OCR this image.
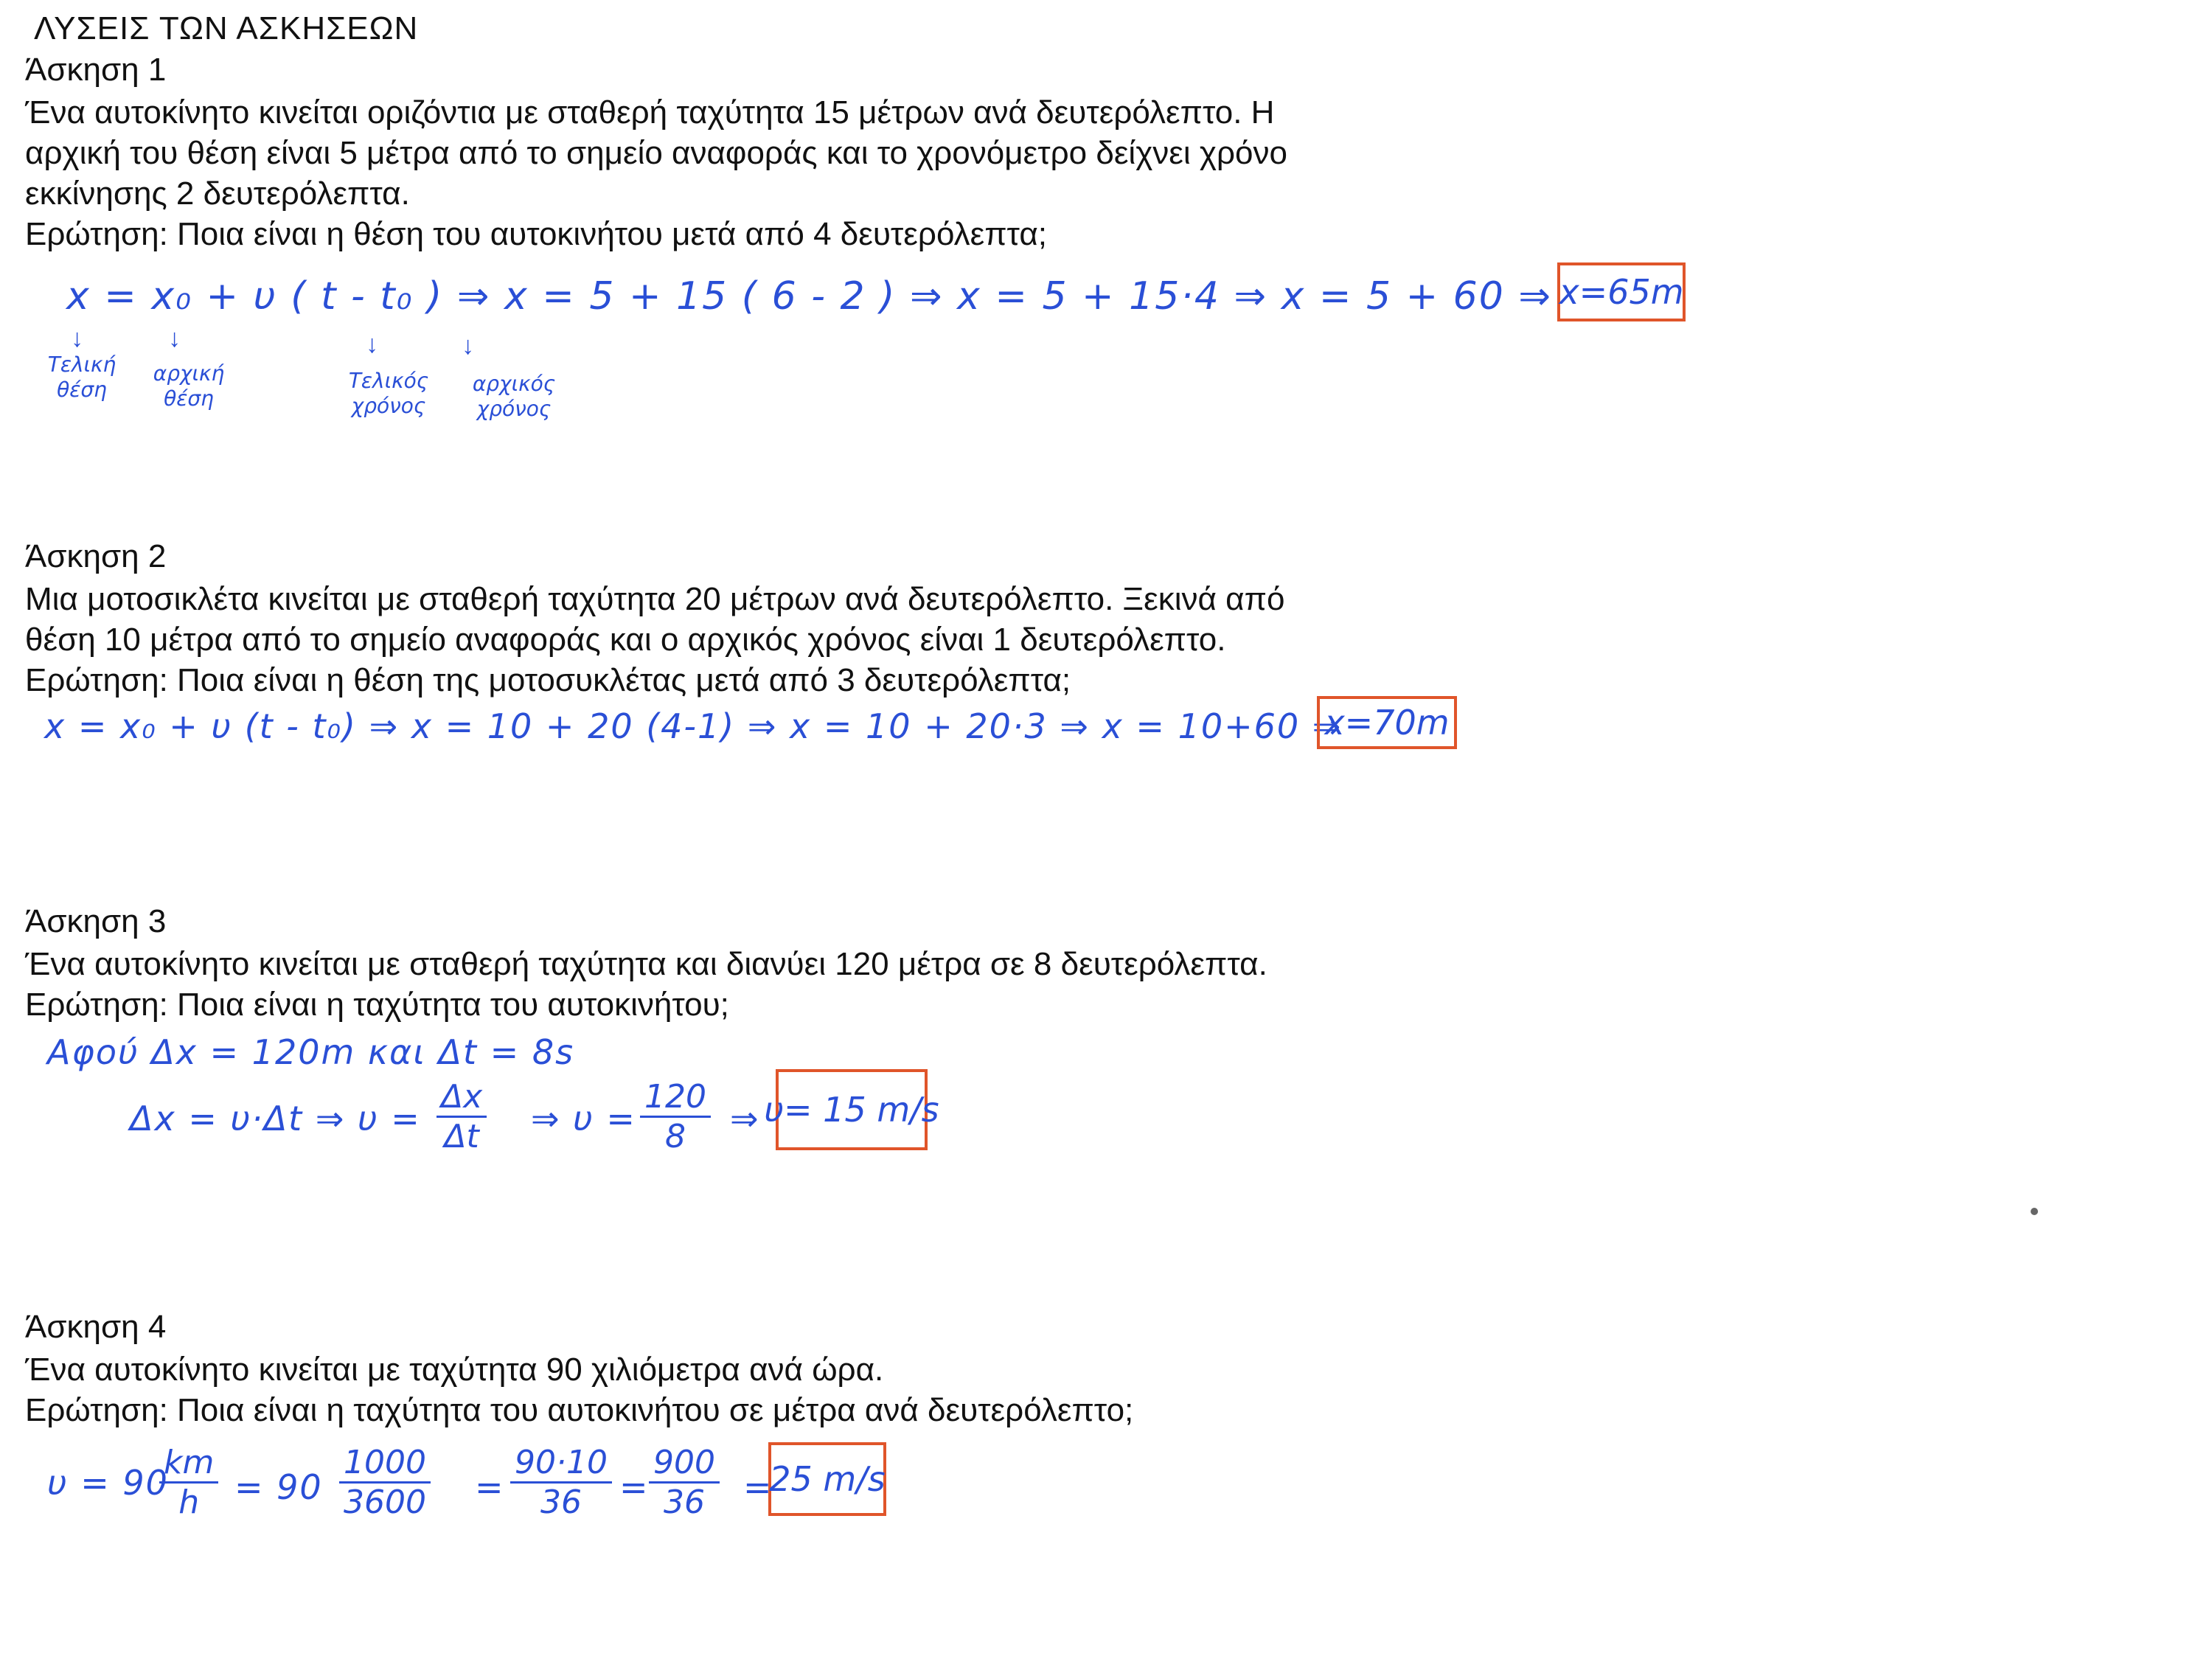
ΛΥΣΕΙΣ ΤΩΝ ΑΣΚΗΣΕΩΝ
Άσκηση 1
Ένα αυτοκίνητο κινείται οριζόντια με σταθερή ταχύτητα 15 μέτρων ανά δευτερόλεπτο. Η
αρχική του θέση είναι 5 μέτρα από το σημείο αναφοράς και το χρονόμετρο δείχνει χρόνο
εκκίνησης 2 δευτερόλεπτα.
Ερώτηση: Ποια είναι η θέση του αυτοκινήτου μετά από 4 δευτερόλεπτα;
x = x₀ + υ ( t - t₀ ) ⇒ x = 5 + 15 ( 6 - 2 ) ⇒ x = 5 + 15·4 ⇒ x = 5 + 60 ⇒ x=65m
↓	↓	↓	↓
Τελική θέση
αρχική θέση
Τελικός χρόνος
αρχικός χρόνος
Άσκηση 2
Μια μοτοσικλέτα κινείται με σταθερή ταχύτητα 20 μέτρων ανά δευτερόλεπτο. Ξεκινά από
θέση 10 μέτρα από το σημείο αναφοράς και ο αρχικός χρόνος είναι 1 δευτερόλεπτο.
Ερώτηση: Ποια είναι η θέση της μοτοσυκλέτας μετά από 3 δευτερόλεπτα;
x = x₀ + υ (t - t₀) ⇒ x = 10 + 20 (4-1) ⇒ x = 10 + 20·3 ⇒ x = 10+60 ⇒
x=70m
Άσκηση 3
Ένα αυτοκίνητο κινείται με σταθερή ταχύτητα και διανύει 120 μέτρα σε 8 δευτερόλεπτα.
Ερώτηση: Ποια είναι η ταχύτητα του αυτοκινήτου;
Αφού Δx = 120m και Δt = 8s
Δx = υ·Δt ⇒ $\upsilon = \frac{\Delta x}{\Delta t}$ ⇒ $\upsilon = \frac{120}{8}$ ⇒ υ= 15 m/s
Άσκηση 4
Ένα αυτοκίνητο κινείται με ταχύτητα 90 χιλιόμετρα ανά ώρα.
Ερώτηση: Ποια είναι η ταχύτητα του αυτοκινήτου σε μέτρα ανά δευτερόλεπτο;
υ = 90
$\frac{km}{h} = 90 \frac{1000}{3600} = \frac{90\cdot 10}{36} = \frac{900}{36}$ =
25 m/s
